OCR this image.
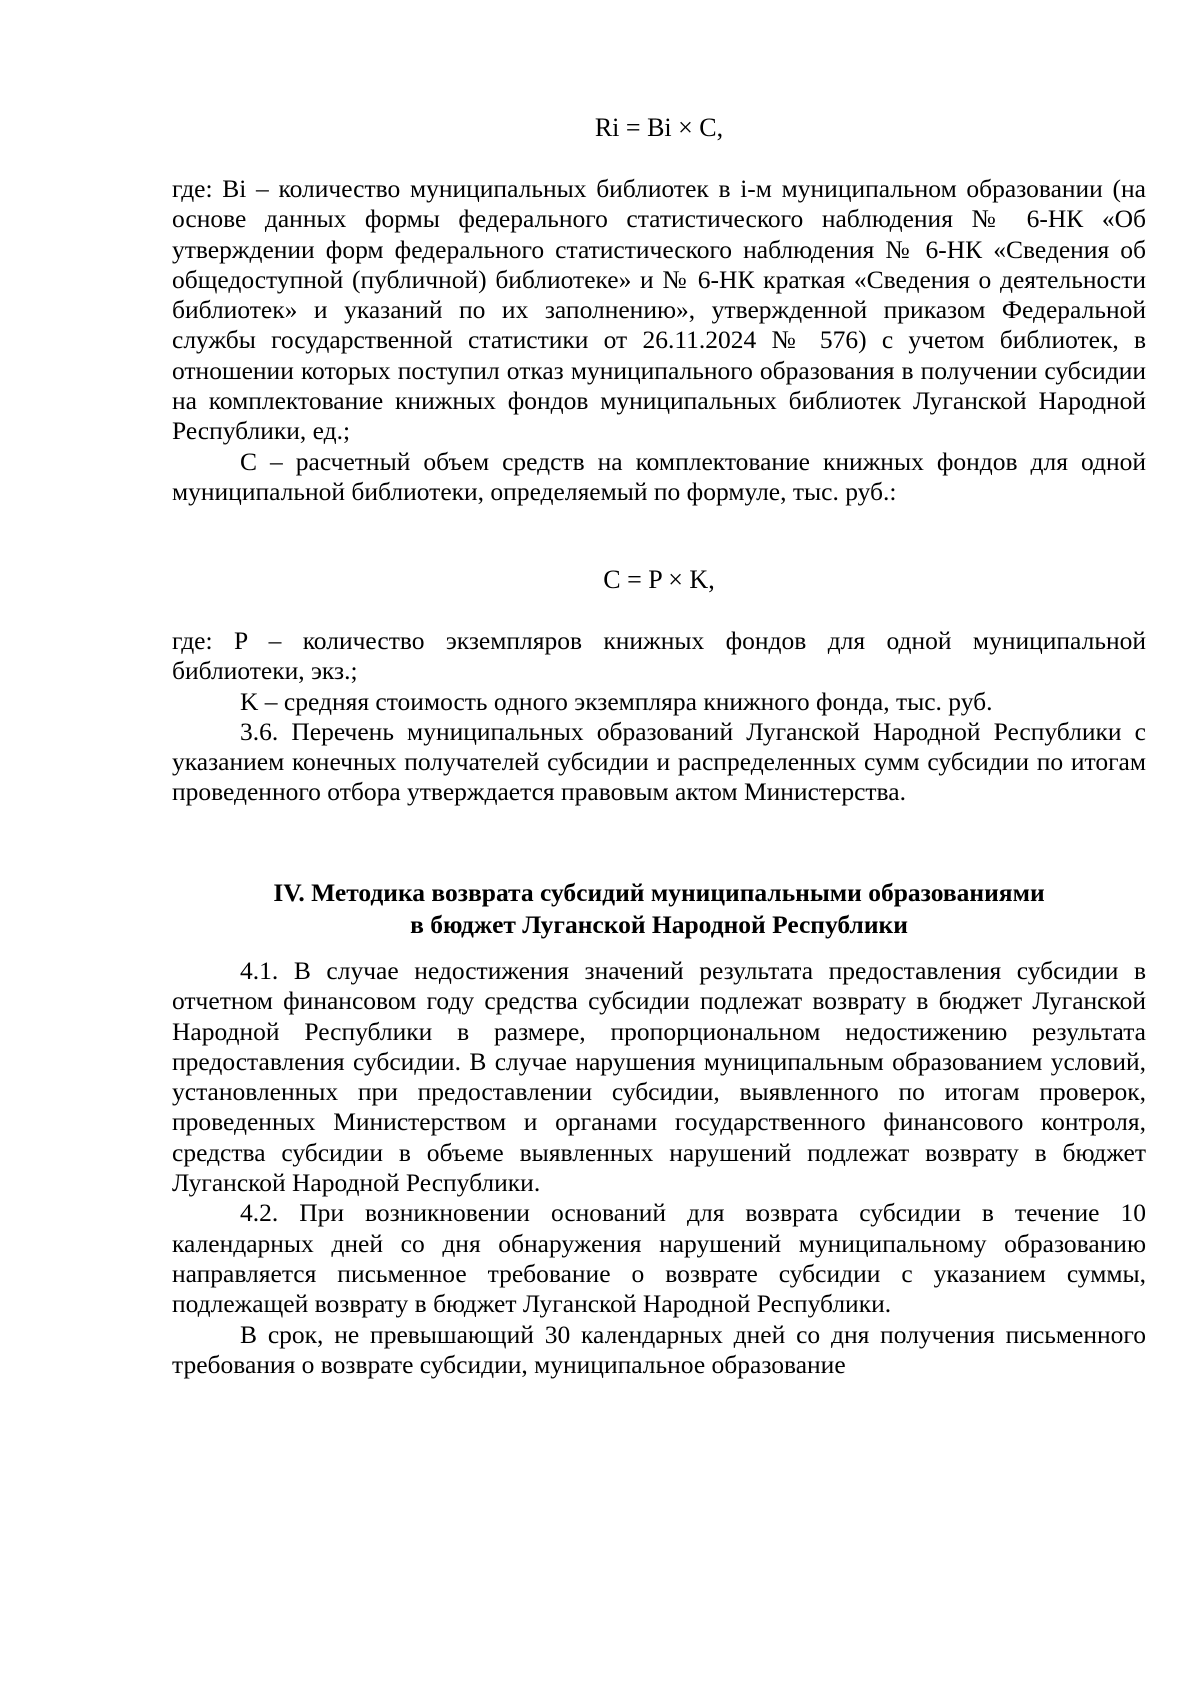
Ri = Bi × C,

где: Bi – количество муниципальных библиотек в i-м муниципальном образовании (на основе данных формы федерального статистического наблюдения № 6-НК «Об утверждении форм федерального статистического наблюдения № 6-НК «Сведения об общедоступной (публичной) библиотеке» и № 6-НК краткая «Сведения о деятельности библиотек» и указаний по их заполнению», утвержденной приказом Федеральной службы государственной статистики от 26.11.2024 № 576) с учетом библиотек, в отношении которых поступил отказ муниципального образования в получении субсидии на комплектование книжных фондов муниципальных библиотек Луганской Народной Республики, ед.;

C – расчетный объем средств на комплектование книжных фондов для одной муниципальной библиотеки, определяемый по формуле, тыс. руб.:

C = P × K,

где: P – количество экземпляров книжных фондов для одной муниципальной библиотеки, экз.;

K – средняя стоимость одного экземпляра книжного фонда, тыс. руб.

3.6. Перечень муниципальных образований Луганской Народной Республики с указанием конечных получателей субсидии и распределенных сумм субсидии по итогам проведенного отбора утверждается правовым актом Министерства.

IV. Методика возврата субсидий муниципальными образованиями
в бюджет Луганской Народной Республики

4.1. В случае недостижения значений результата предоставления субсидии в отчетном финансовом году средства субсидии подлежат возврату в бюджет Луганской Народной Республики в размере, пропорциональном недостижению результата предоставления субсидии. В случае нарушения муниципальным образованием условий, установленных при предоставлении субсидии, выявленного по итогам проверок, проведенных Министерством и органами государственного финансового контроля, средства субсидии в объеме выявленных нарушений подлежат возврату в бюджет Луганской Народной Республики.

4.2. При возникновении оснований для возврата субсидии в течение 10 календарных дней со дня обнаружения нарушений муниципальному образованию направляется письменное требование о возврате субсидии с указанием суммы, подлежащей возврату в бюджет Луганской Народной Республики.

В срок, не превышающий 30 календарных дней со дня получения письменного требования о возврате субсидии, муниципальное образование
